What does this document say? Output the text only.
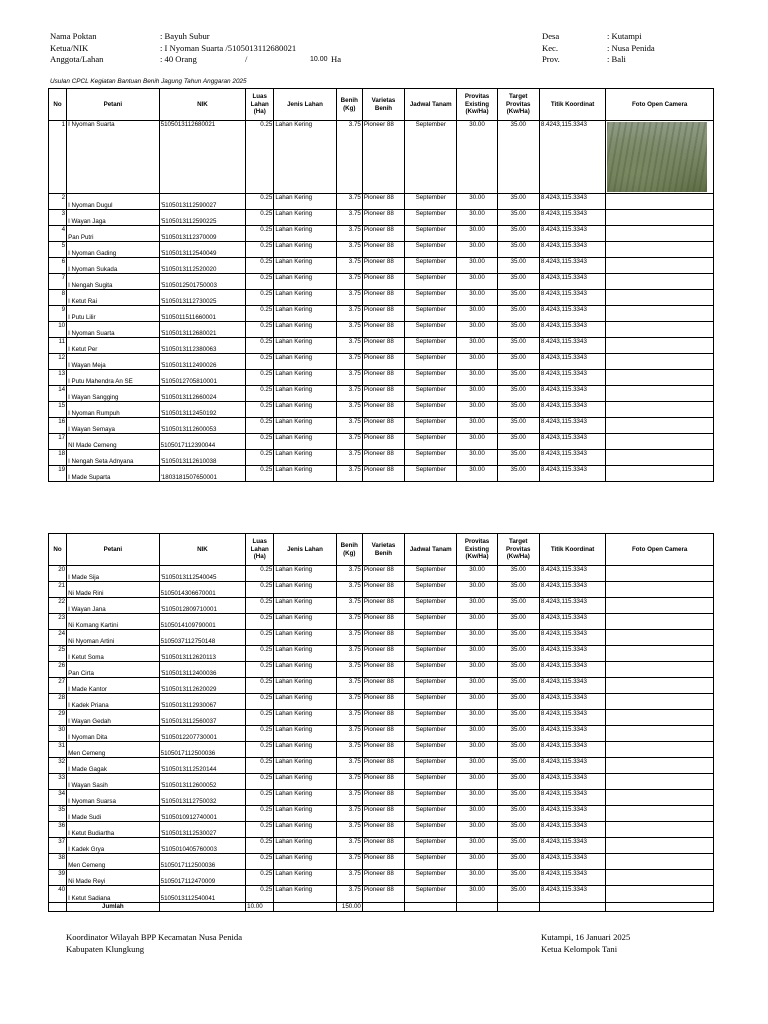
Nama Poktan	: Bayuh Subur
Ketua/NIK	: I Nyoman Suarta /5105013112680021
Anggota/Lahan	: 40 Orang	/	10.00 Ha
Desa	: Kutampi
Kec.	: Nusa Penida
Prov.	: Bali
Usulan CPCL Kegiatan Bantuan Benih Jagung Tahun Anggaran 2025
No	Petani	NIK	Luas Lahan (Ha)	Jenis Lahan	Benih (Kg)	Varietas Benih	Jadwal Tanam	Provitas Existing (Kw/Ha)	Target Provitas (Kw/Ha)	Titik Koordinat	Foto Open Camera
1	I Nyoman Suarta	5105013112680021	0.25	Lahan Kering	3.75	Pioneer 88	September	30.00	35.00	8.4243,115.3343	

2	I Nyoman Dugul	'5105013112590027	0.25	Lahan Kering	3.75	Pioneer 88	September	30.00	35.00	8.4243,115.3343	
3	I Wayan Jaga	'5105013112590225	0.25	Lahan Kering	3.75	Pioneer 88	September	30.00	35.00	8.4243,115.3343	
4	Pan Putri	'5105013112370009	0.25	Lahan Kering	3.75	Pioneer 88	September	30.00	35.00	8.4243,115.3343	
5	I Nyoman Gading	'5105013112540049	0.25	Lahan Kering	3.75	Pioneer 88	September	30.00	35.00	8.4243,115.3343	
6	I Nyoman Sukada	'5105013112520020	0.25	Lahan Kering	3.75	Pioneer 88	September	30.00	35.00	8.4243,115.3343	
7	I Nengah Sugita	'5105012501750003	0.25	Lahan Kering	3.75	Pioneer 88	September	30.00	35.00	8.4243,115.3343	
8	I Ketut Rai	'5105013112730025	0.25	Lahan Kering	3.75	Pioneer 88	September	30.00	35.00	8.4243,115.3343	
9	I Putu Lilir	'5105011511660001	0.25	Lahan Kering	3.75	Pioneer 88	September	30.00	35.00	8.4243,115.3343	
10	I Nyoman Suarta	'5105013112680021	0.25	Lahan Kering	3.75	Pioneer 88	September	30.00	35.00	8.4243,115.3343	
11	I Ketut Per	'5105013112380063	0.25	Lahan Kering	3.75	Pioneer 88	September	30.00	35.00	8.4243,115.3343	
12	I Wayan Meja	'5105013112490026	0.25	Lahan Kering	3.75	Pioneer 88	September	30.00	35.00	8.4243,115.3343	
13	I Putu Mahendra An SE	'5105012705810001	0.25	Lahan Kering	3.75	Pioneer 88	September	30.00	35.00	8.4243,115.3343	
14	I Wayan Sangging	'5105013112660024	0.25	Lahan Kering	3.75	Pioneer 88	September	30.00	35.00	8.4243,115.3343	
15	I Nyoman Rumpuh	'5105013112450192	0.25	Lahan Kering	3.75	Pioneer 88	September	30.00	35.00	8.4243,115.3343	
16	I Wayan Semaya	'5105013112600053	0.25	Lahan Kering	3.75	Pioneer 88	September	30.00	35.00	8.4243,115.3343	
17	NI Made Cemeng	5105017112390044	0.25	Lahan Kering	3.75	Pioneer 88	September	30.00	35.00	8.4243,115.3343	
18	I Nengah Seta Adnyana	'5105013112610038	0.25	Lahan Kering	3.75	Pioneer 88	September	30.00	35.00	8.4243,115.3343	
19	I Made Suparta	'1803181507650001	0.25	Lahan Kering	3.75	Pioneer 88	September	30.00	35.00	8.4243,115.3343	
No	Petani	NIK	Luas Lahan (Ha)	Jenis Lahan	Benih (Kg)	Varietas Benih	Jadwal Tanam	Provitas Existing (Kw/Ha)	Target Provitas (Kw/Ha)	Titik Koordinat	Foto Open Camera
20	I Made Sija	'5105013112540045	0.25	Lahan Kering	3.75	Pioneer 88	September	30.00	35.00	8.4243,115.3343	
21	Ni Made Rini	5105014306670001	0.25	Lahan Kering	3.75	Pioneer 88	September	30.00	35.00	8.4243,115.3343	
22	I Wayan Jana	'5105012809710001	0.25	Lahan Kering	3.75	Pioneer 88	September	30.00	35.00	8.4243,115.3343	
23	Ni Komang Kartini	5105014109790001	0.25	Lahan Kering	3.75	Pioneer 88	September	30.00	35.00	8.4243,115.3343	
24	Ni Nyoman Artini	5105037112750148	0.25	Lahan Kering	3.75	Pioneer 88	September	30.00	35.00	8.4243,115.3343	
25	I Ketut Soma	'5105013112620113	0.25	Lahan Kering	3.75	Pioneer 88	September	30.00	35.00	8.4243,115.3343	
26	Pan Cirta	'5105013112400036	0.25	Lahan Kering	3.75	Pioneer 88	September	30.00	35.00	8.4243,115.3343	
27	I Made Kantor	'5105013112620029	0.25	Lahan Kering	3.75	Pioneer 88	September	30.00	35.00	8.4243,115.3343	
28	I Kadek Priana	'5105013112930067	0.25	Lahan Kering	3.75	Pioneer 88	September	30.00	35.00	8.4243,115.3343	
29	I Wayan Gedah	'5105013112560037	0.25	Lahan Kering	3.75	Pioneer 88	September	30.00	35.00	8.4243,115.3343	
30	I Nyoman Dita	'5105012207730001	0.25	Lahan Kering	3.75	Pioneer 88	September	30.00	35.00	8.4243,115.3343	
31	Men Cemeng	5105017112500036	0.25	Lahan Kering	3.75	Pioneer 88	September	30.00	35.00	8.4243,115.3343	
32	I Made Gagak	'5105013112520144	0.25	Lahan Kering	3.75	Pioneer 88	September	30.00	35.00	8.4243,115.3343	
33	I Wayan Sasih	'5105013112600052	0.25	Lahan Kering	3.75	Pioneer 88	September	30.00	35.00	8.4243,115.3343	
34	I Nyoman Suarsa	'5105013112750032	0.25	Lahan Kering	3.75	Pioneer 88	September	30.00	35.00	8.4243,115.3343	
35	I Made Sudi	'5105010912740001	0.25	Lahan Kering	3.75	Pioneer 88	September	30.00	35.00	8.4243,115.3343	
36	I Ketut Budiartha	'5105013112530027	0.25	Lahan Kering	3.75	Pioneer 88	September	30.00	35.00	8.4243,115.3343	
37	I Kadek Grya	'5105010405760003	0.25	Lahan Kering	3.75	Pioneer 88	September	30.00	35.00	8.4243,115.3343	
38	Men Cemeng	5105017112500036	0.25	Lahan Kering	3.75	Pioneer 88	September	30.00	35.00	8.4243,115.3343	
39	Ni Made Reyi	5105017112470009	0.25	Lahan Kering	3.75	Pioneer 88	September	30.00	35.00	8.4243,115.3343	
40	I Ketut Sadiana	5105013112540041	0.25	Lahan Kering	3.75	Pioneer 88	September	30.00	35.00	8.4243,115.3343	
	Jumlah		10.00		150.00						
Koordinator Wilayah BPP Kecamatan Nusa Penida
Kabupaten Klungkung
Kutampi, 16 Januari 2025
Ketua Kelompok Tani
